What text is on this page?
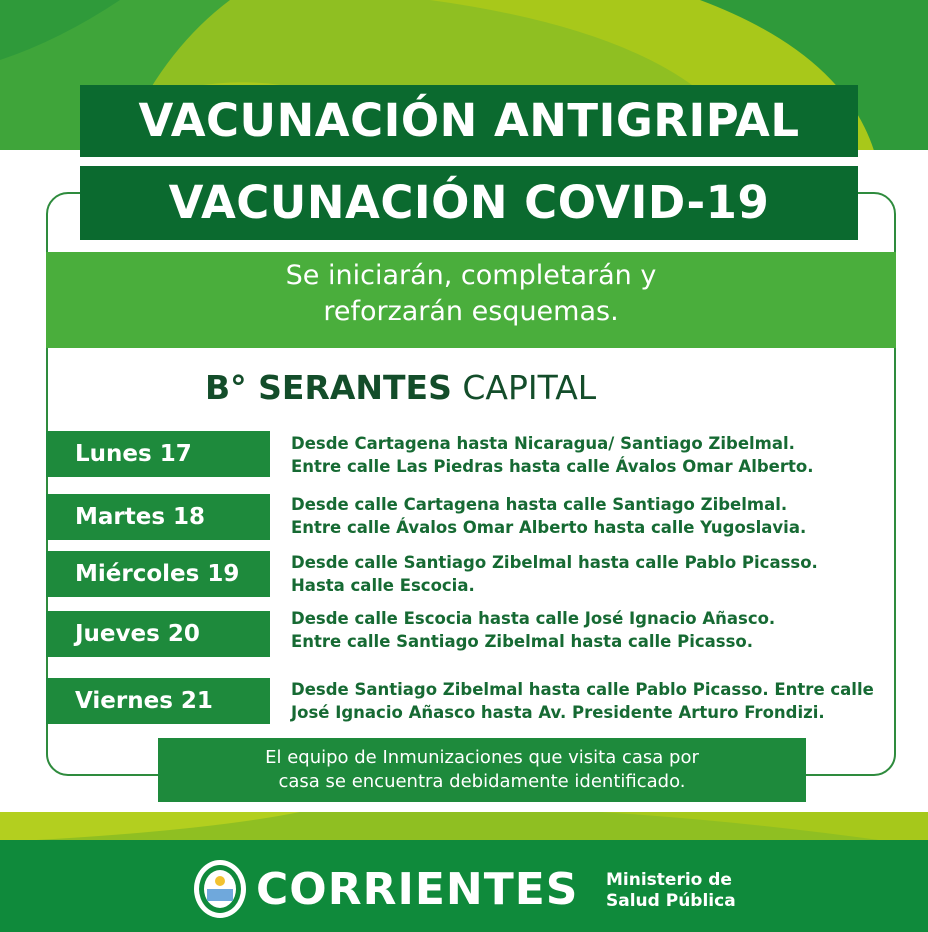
VACUNACIÓN ANTIGRIPAL
VACUNACIÓN COVID-19
Se iniciarán, completarán y
reforzarán esquemas.
B° SERANTES CAPITAL
Lunes 17	Desde Cartagena hasta Nicaragua/ Santiago Zibelmal.
Entre calle Las Piedras hasta calle Ávalos Omar Alberto.
Martes 18	Desde calle Cartagena hasta calle Santiago Zibelmal.
Entre calle Ávalos Omar Alberto hasta calle Yugoslavia.
Miércoles 19	Desde calle Santiago Zibelmal hasta calle Pablo Picasso.
Hasta calle Escocia.
Jueves 20
Desde calle Escocia hasta calle José Ignacio Añasco.
Entre calle Santiago Zibelmal hasta calle Picasso.
Viernes 21	Desde Santiago Zibelmal hasta calle Pablo Picasso. Entre calle
José Ignacio Añasco hasta Av. Presidente Arturo Frondizi.
El equipo de Inmunizaciones que visita casa por
casa se encuentra debidamente identificado.
CORRIENTES Ministerio de
Salud Pública
